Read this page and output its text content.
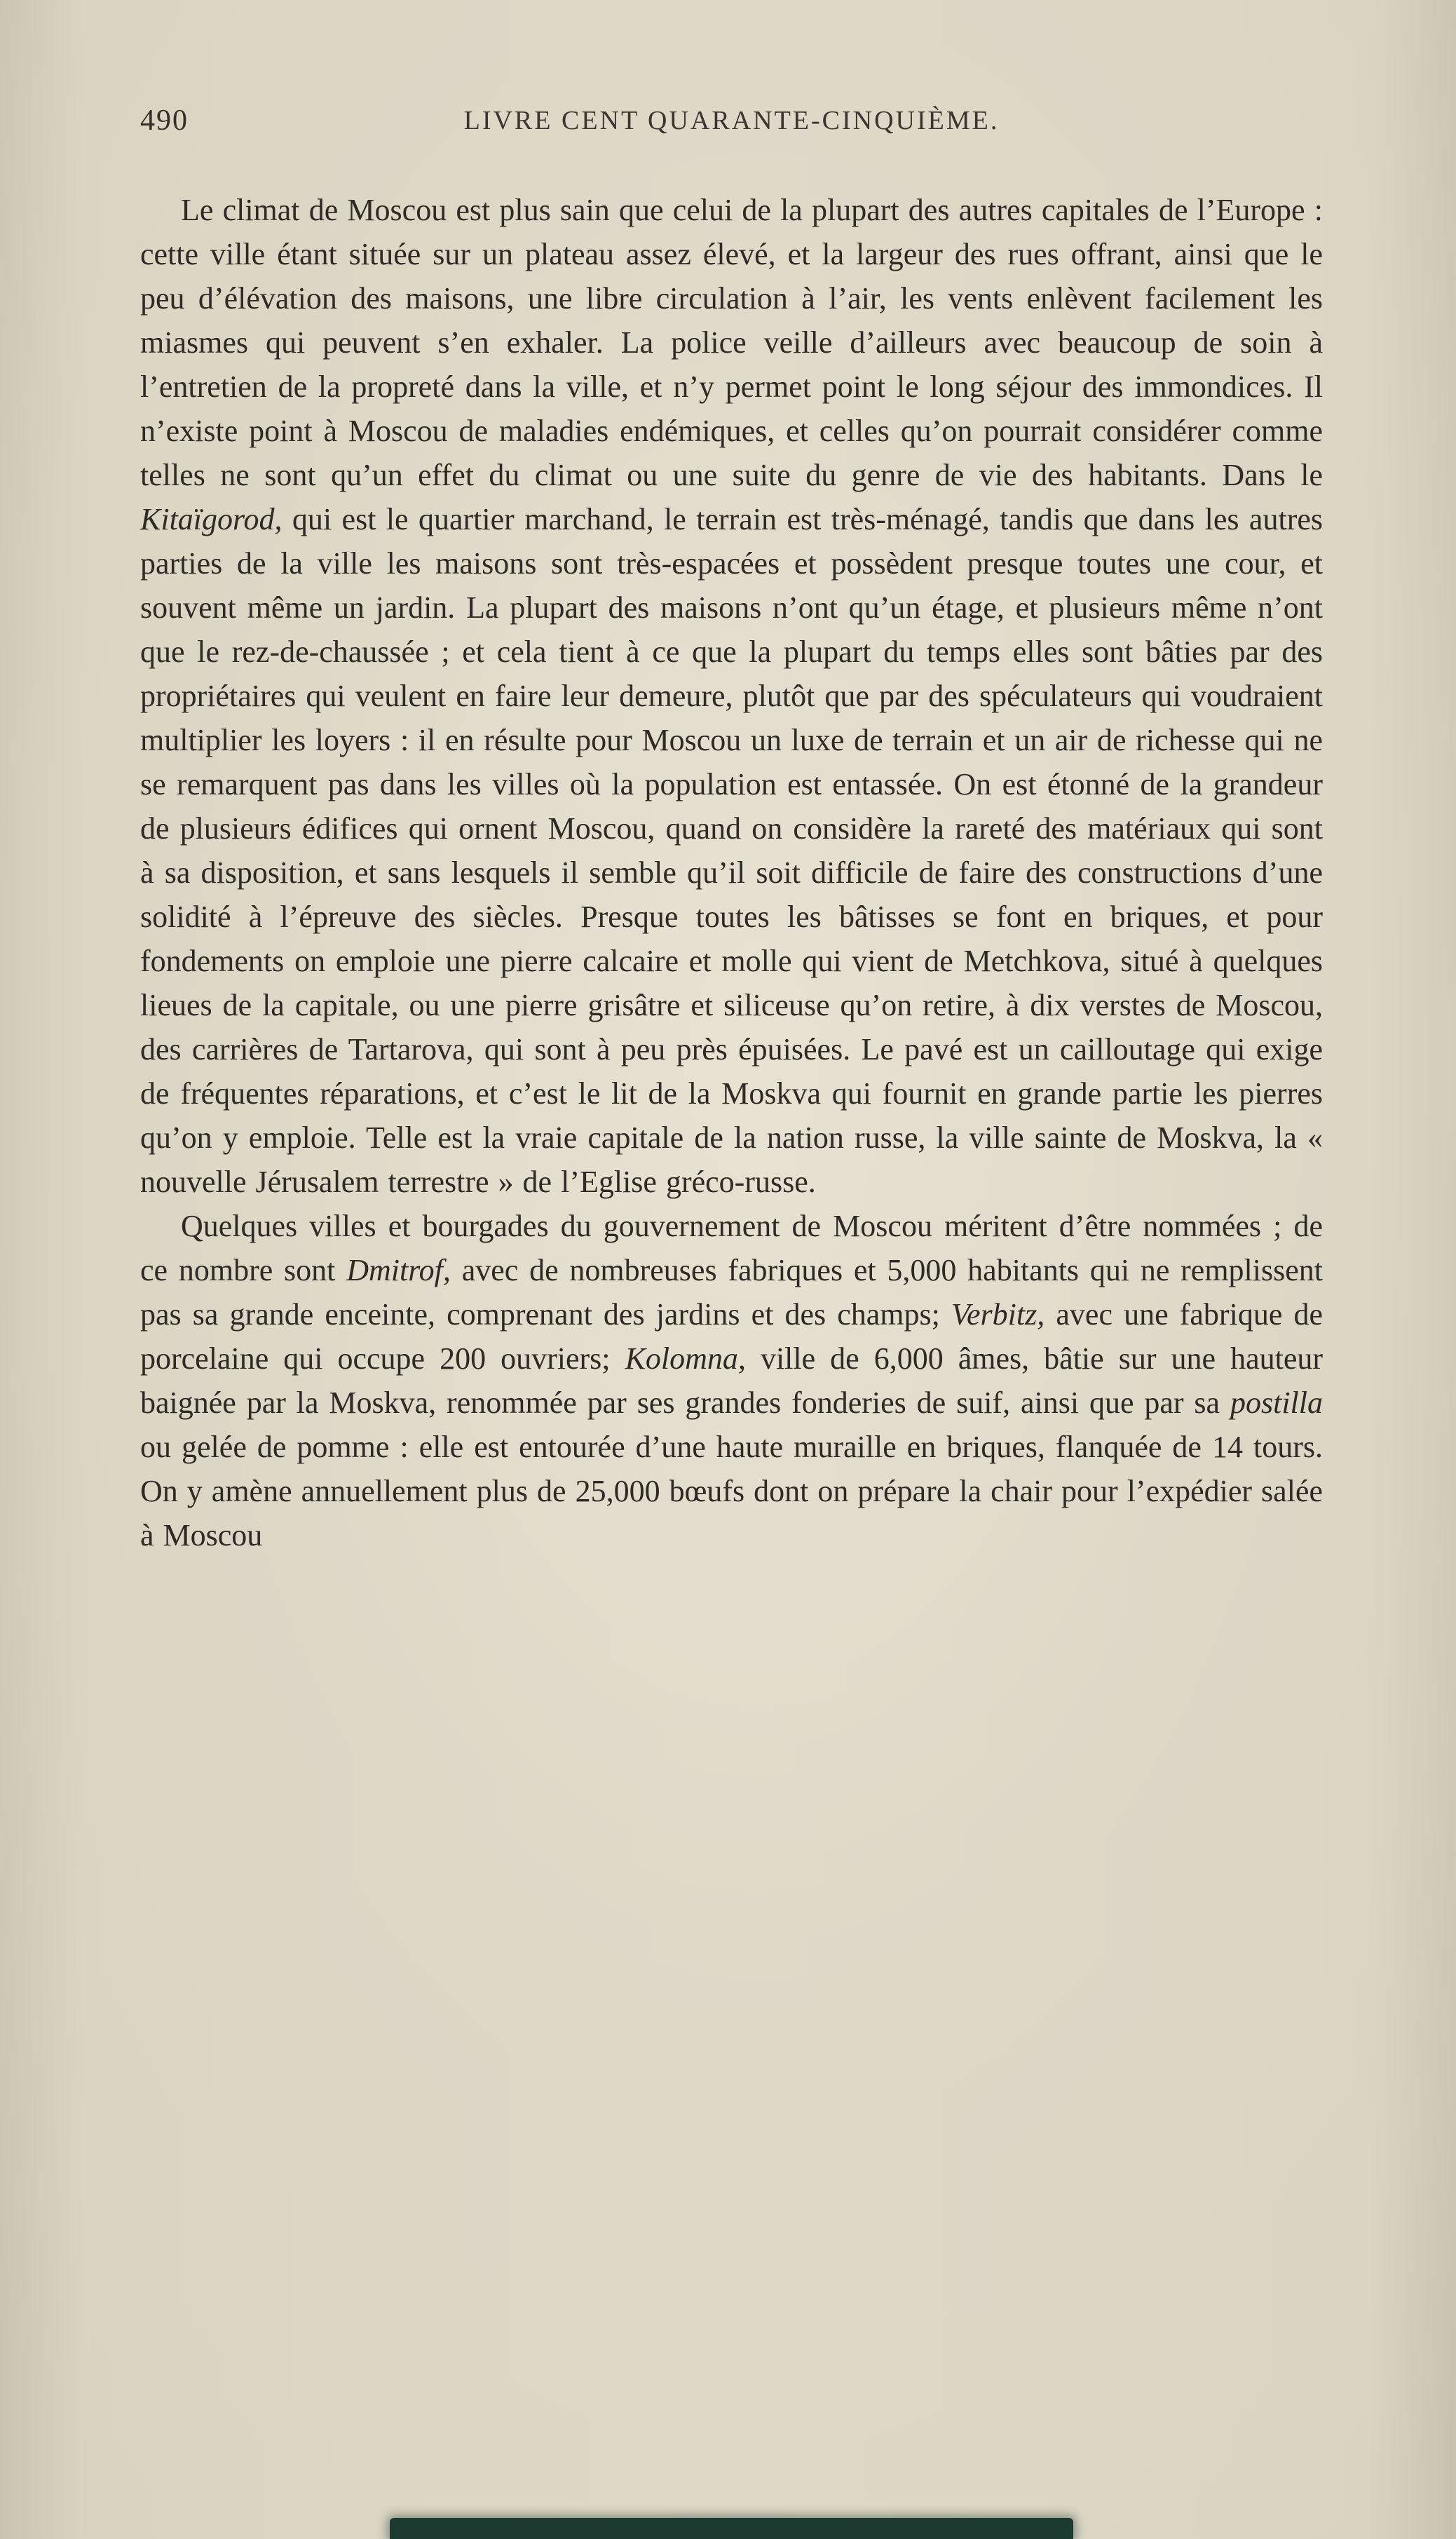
490	LIVRE CENT QUARANTE-CINQUIÈME.

Le climat de Moscou est plus sain que celui de la plupart des autres capitales de l’Europe : cette ville étant située sur un plateau assez élevé, et la largeur des rues offrant, ainsi que le peu d’élévation des maisons, une libre circulation à l’air, les vents enlèvent facilement les miasmes qui peuvent s’en exhaler. La police veille d’ailleurs avec beaucoup de soin à l’entretien de la propreté dans la ville, et n’y permet point le long séjour des immondices. Il n’existe point à Moscou de maladies endémiques, et celles qu’on pourrait considérer comme telles ne sont qu’un effet du climat ou une suite du genre de vie des habitants. Dans le Kitaïgorod, qui est le quartier marchand, le terrain est très-ménagé, tandis que dans les autres parties de la ville les maisons sont très-espacées et possèdent presque toutes une cour, et souvent même un jardin. La plupart des maisons n’ont qu’un étage, et plusieurs même n’ont que le rez-de-chaussée ; et cela tient à ce que la plupart du temps elles sont bâties par des propriétaires qui veulent en faire leur demeure, plutôt que par des spéculateurs qui voudraient multiplier les loyers : il en résulte pour Moscou un luxe de terrain et un air de richesse qui ne se remarquent pas dans les villes où la population est entassée. On est étonné de la grandeur de plusieurs édifices qui ornent Moscou, quand on considère la rareté des matériaux qui sont à sa disposition, et sans lesquels il semble qu’il soit difficile de faire des constructions d’une solidité à l’épreuve des siècles. Presque toutes les bâtisses se font en briques, et pour fondements on emploie une pierre calcaire et molle qui vient de Metchkova, situé à quelques lieues de la capitale, ou une pierre grisâtre et siliceuse qu’on retire, à dix verstes de Moscou, des carrières de Tartarova, qui sont à peu près épuisées. Le pavé est un cailloutage qui exige de fréquentes réparations, et c’est le lit de la Moskva qui fournit en grande partie les pierres qu’on y emploie. Telle est la vraie capitale de la nation russe, la ville sainte de Moskva, la « nouvelle Jérusalem terrestre » de l’Eglise gréco-russe.

Quelques villes et bourgades du gouvernement de Moscou méritent d’être nommées ; de ce nombre sont Dmitrof, avec de nombreuses fabriques et 5,000 habitants qui ne remplissent pas sa grande enceinte, comprenant des jardins et des champs; Verbitz, avec une fabrique de porcelaine qui occupe 200 ouvriers; Kolomna, ville de 6,000 âmes, bâtie sur une hauteur baignée par la Moskva, renommée par ses grandes fonderies de suif, ainsi que par sa postilla ou gelée de pomme : elle est entourée d’une haute muraille en briques, flanquée de 14 tours. On y amène annuellement plus de 25,000 bœufs dont on prépare la chair pour l’expédier salée à Moscou
